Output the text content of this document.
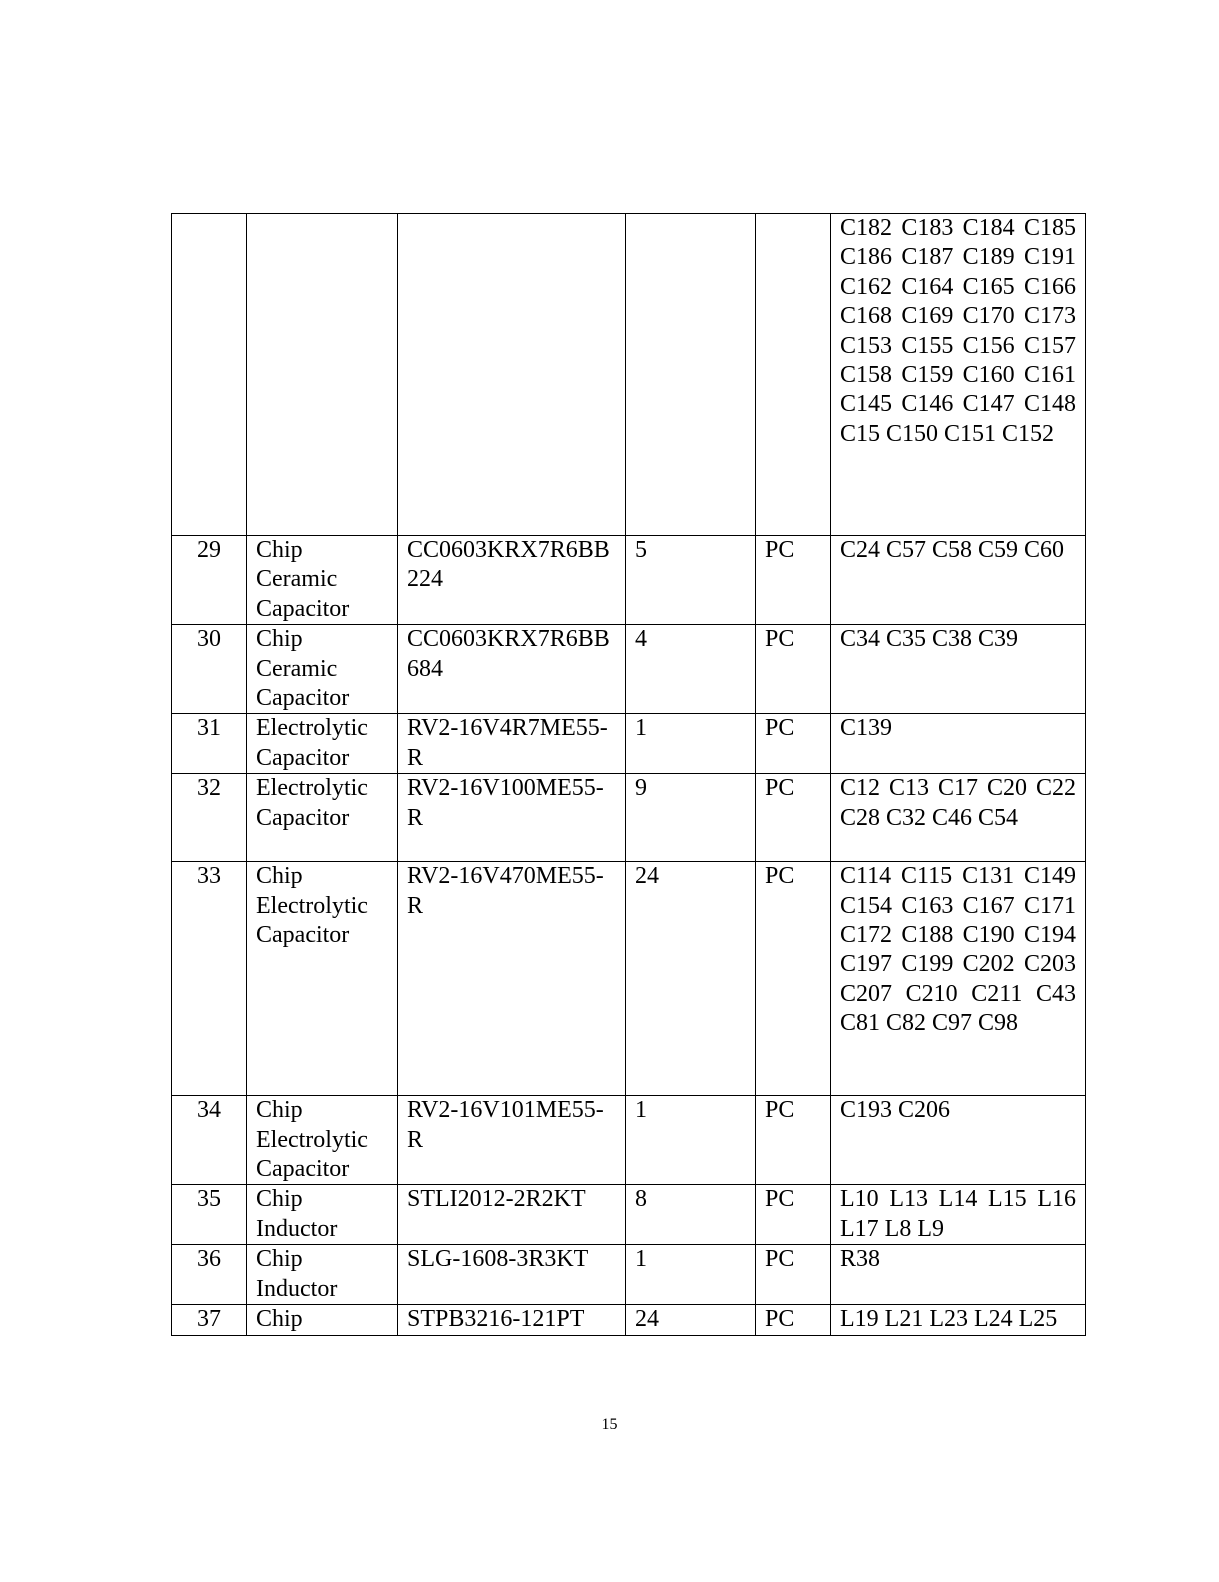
					C182 C183 C184 C185 C186 C187 C189 C191 C162 C164 C165 C166 C168 C169 C170 C173 C153 C155 C156 C157 C158 C159 C160 C161 C145 C146 C147 C148 C15 C150 C151 C152
29	Chip Ceramic Capacitor	CC0603KRX7R6BB224	5	PC	C24 C57 C58 C59 C60
30	Chip Ceramic Capacitor	CC0603KRX7R6BB684	4	PC	C34 C35 C38 C39
31	Electrolytic Capacitor	RV2-16V4R7ME55-R	1	PC	C139
32	Electrolytic Capacitor	RV2-16V100ME55-R	9	PC	C12 C13 C17 C20 C22 C28 C32 C46 C54
33	Chip Electrolytic Capacitor	RV2-16V470ME55-R	24	PC	C114 C115 C131 C149 C154 C163 C167 C171 C172 C188 C190 C194 C197 C199 C202 C203 C207 C210 C211 C43 C81 C82 C97 C98
34	Chip Electrolytic Capacitor	RV2-16V101ME55-R	1	PC	C193 C206
35	Chip Inductor	STLI2012-2R2KT	8	PC	L10 L13 L14 L15 L16 L17 L8 L9
36	Chip Inductor	SLG-1608-3R3KT	1	PC	R38
37	Chip	STPB3216-121PT	24	PC	L19 L21 L23 L24 L25
15
